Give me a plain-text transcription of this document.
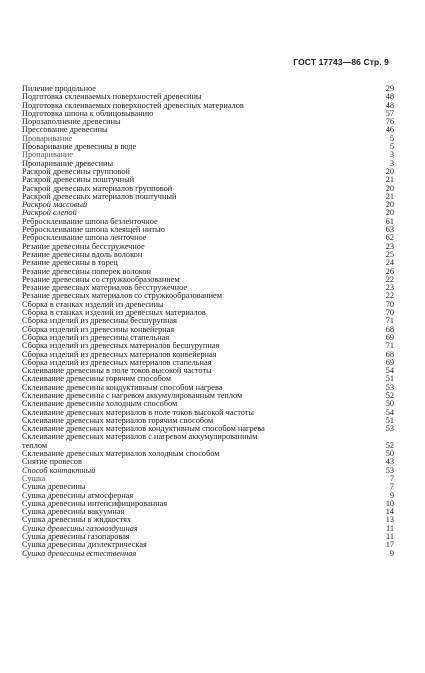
ГОСТ 17743—86 Стр. 9
Пиление продольное	29
Подготовка склеиваемых поверхностей древесины	48
Подготовка склеиваемых поверхностей древесных материалов	48
Подготовка шпона к облицовыванию	57
Порозаполнение древесины	76
Прессование древесины	46
Проваривание	5
Проваривание древесины в воде	5
Пропаривание	3
Пропаривание древесины	3
Раскрой древесины групповой	20
Раскрой древесины поштучный	21
Раскрой древесных материалов групповой	20
Раскрой древесных материалов поштучный	21
Раскрой массовый	20
Раскрой слепой	20
Ребросклеивание шпона безленточное	61
Ребросклеивание шпона клеящей нитью	63
Ребросклеивание шпона ленточное	62
Резание древесины бесстружечное	23
Резание древесины вдоль волокон	25
Резание древесины в торец	24
Резание древесины поперек волокон	26
Резание древесины со стружкообразованием	22
Резание древесных материалов бесстружечное	23
Резание древесных материалов со стружкообразованием	22
Сборка в станках изделий из древесины	70
Сборка в станках изделий из древесных материалов	70
Сборка изделий из древесины бесшурупная	71
Сборка изделий из древесины конвейерная	68
Сборка изделий из древесины стапельная	69
Сборка изделий из древесных материалов бесшурупная	71
Сборка изделий из древесных материалов конвейерная	68
Сборка изделий из древесных материалов стапельная	69
Склеивание древесины в поле токов высокой частоты	54
Склеивание древесины горячим способом	51
Склеивание древесины кондуктивным способом нагрева	53
Склеивание древесины с нагревом аккумулированным теплом	52
Склеивание древесины холодным способом	50
Склеивание древесных материалов в поле токов высокой частоты	54
Склеивание древесных материалов горячим способом	51
Склеивание древесных материалов кондуктивным способом нагрева	53
Склеивание древесных материалов с нагревом аккумулированным
теплом	52
Склеивание древесных материалов холодным способом	50
Снятие провесов	43
Способ контактный	53
Сушка	7
Сушка древесины	7
Сушка древесины атмосферная	9
Сушка древесины интенсифицированная	10
Сушка древесины вакуумная	14
Сушка древесины в жидкостях	13
Сушка древесины газовоздушная	11
Сушка древесины газопаровая	11
Сушка древесины диэлектрическая	17
Сушка древесины естественная	9
